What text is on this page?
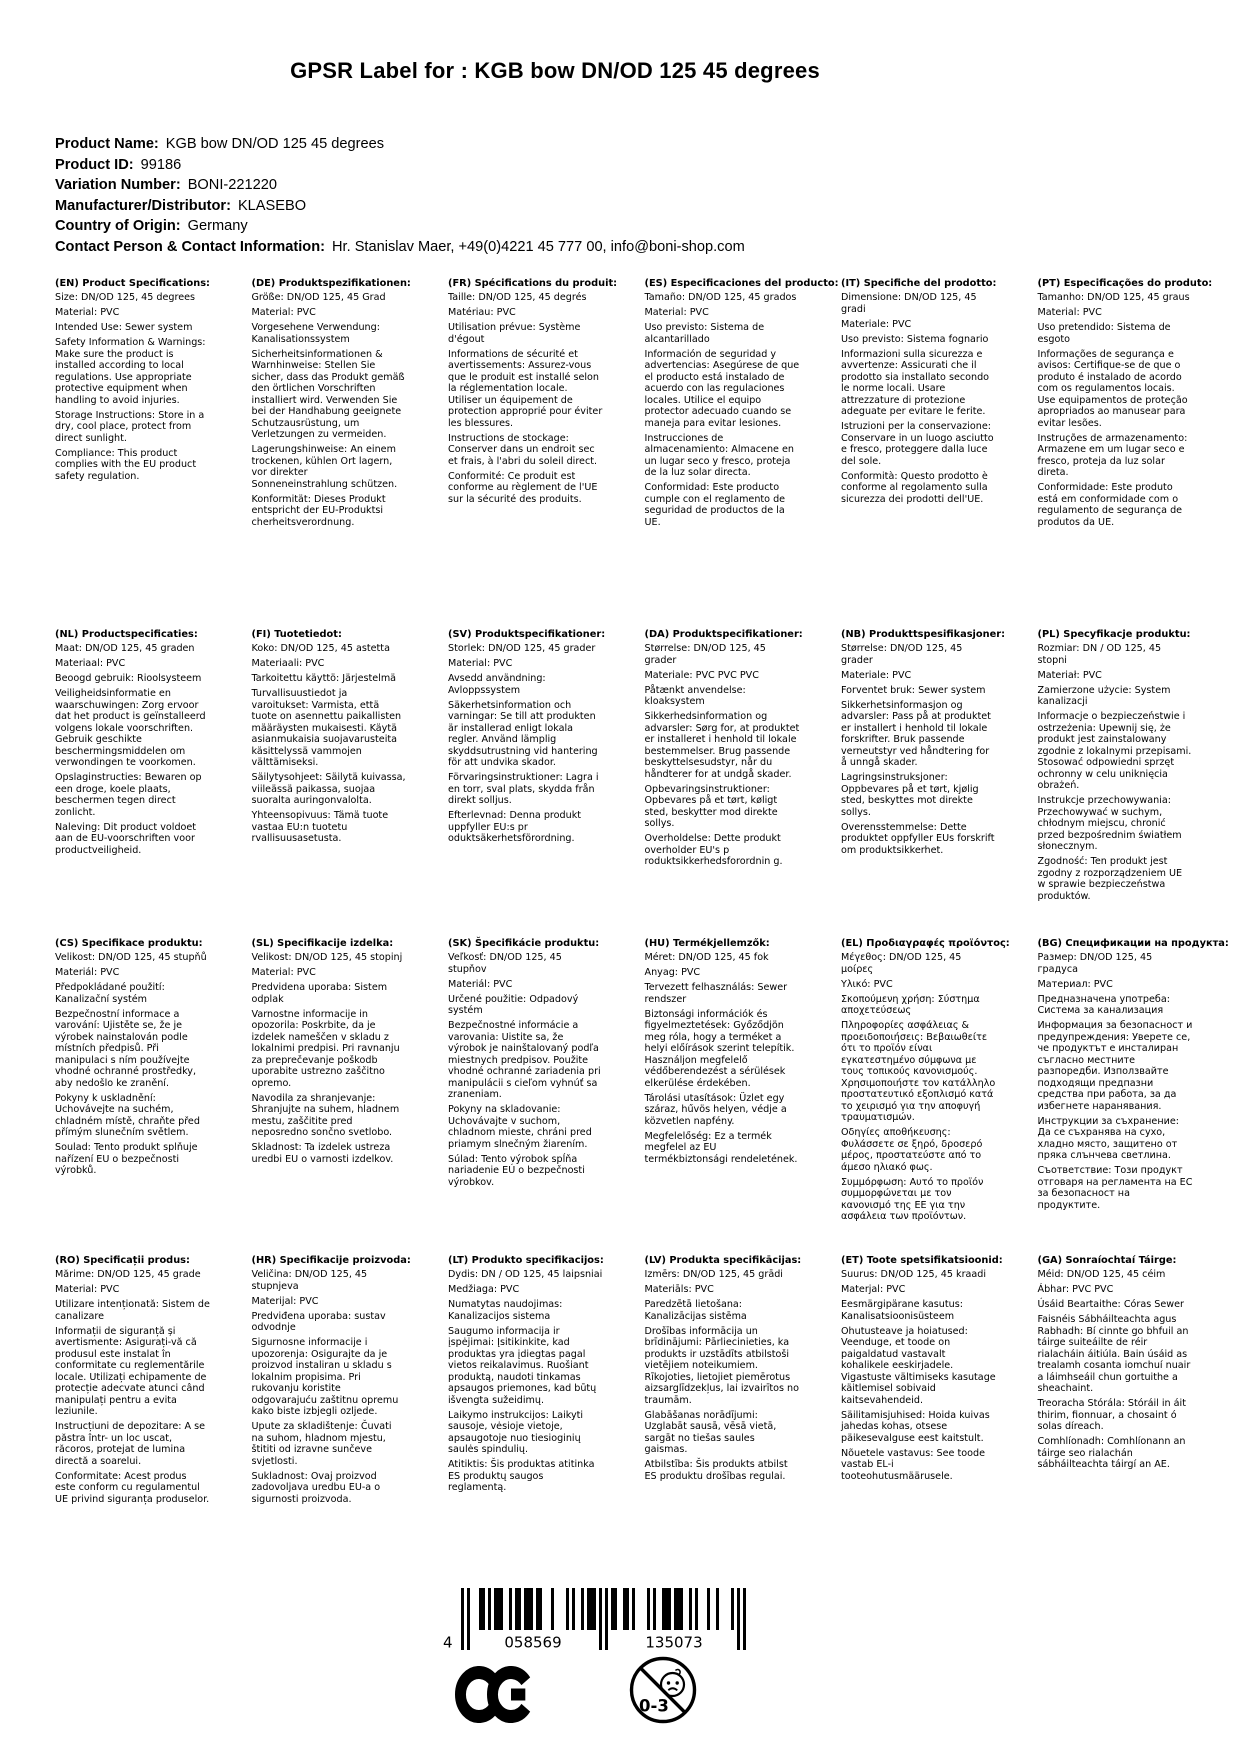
GPSR Label for : KGB bow DN/OD 125 45 degrees
Product Name: KGB bow DN/OD 125 45 degrees
Product ID: 99186
Variation Number: BONI-221220
Manufacturer/Distributor: KLASEBO
Country of Origin: Germany
Contact Person & Contact Information: Hr. Stanislav Maer, +49(0)4221 45 777 00, info@boni-shop.com
(EN) Product Specifications:

Size: DN/OD 125, 45 degrees

Material: PVC

Intended Use: Sewer system

Safety Information & Warnings: Make sure the product is installed according to local regulations. Use appropriate protective equipment when handling to avoid injuries.

Storage Instructions: Store in a dry, cool place, protect from direct sunlight.

Compliance: This product complies with the EU product safety regulation.

(DE) Produktspezifikationen:

Größe: DN/OD 125, 45 Grad

Material: PVC

Vorgesehene Verwendung: Kanalisationssystem

Sicherheitsinformationen & Warnhinweise: Stellen Sie sicher, dass das Produkt gemäß den örtlichen Vorschriften installiert wird. Verwenden Sie bei der Handhabung geeignete Schutzausrüstung, um Verletzungen zu vermeiden.

Lagerungshinweise: An einem trockenen, kühlen Ort lagern, vor direkter Sonneneinstrahlung schützen.

Konformität: Dieses Produkt entspricht der EU-Produktsi cherheitsverordnung.

(FR) Spécifications du produit:

Taille: DN/OD 125, 45 degrés

Matériau: PVC

Utilisation prévue: Système d'égout

Informations de sécurité et avertissements: Assurez-vous que le produit est installé selon la réglementation locale. Utiliser un équipement de protection approprié pour éviter les blessures.

Instructions de stockage: Conserver dans un endroit sec et frais, à l'abri du soleil direct.

Conformité: Ce produit est conforme au règlement de l'UE sur la sécurité des produits.

(ES) Especificaciones del producto:

Tamaño: DN/OD 125, 45 grados

Material: PVC

Uso previsto: Sistema de alcantarillado

Información de seguridad y advertencias: Asegúrese de que el producto está instalado de acuerdo con las regulaciones locales. Utilice el equipo protector adecuado cuando se maneja para evitar lesiones.

Instrucciones de almacenamiento: Almacene en un lugar seco y fresco, proteja de la luz solar directa.

Conformidad: Este producto cumple con el reglamento de seguridad de productos de la UE.

(IT) Specifiche del prodotto:

Dimensione: DN/OD 125, 45 gradi

Materiale: PVC

Uso previsto: Sistema fognario

Informazioni sulla sicurezza e avvertenze: Assicurati che il prodotto sia installato secondo le norme locali. Usare attrezzature di protezione adeguate per evitare le ferite.

Istruzioni per la conservazione: Conservare in un luogo asciutto e fresco, proteggere dalla luce del sole.

Conformità: Questo prodotto è conforme al regolamento sulla sicurezza dei prodotti dell'UE.

(PT) Especificações do produto:

Tamanho: DN/OD 125, 45 graus

Material: PVC

Uso pretendido: Sistema de esgoto

Informações de segurança e avisos: Certifique-se de que o produto é instalado de acordo com os regulamentos locais. Use equipamentos de proteção apropriados ao manusear para evitar lesões.

Instruções de armazenamento: Armazene em um lugar seco e fresco, proteja da luz solar direta.

Conformidade: Este produto está em conformidade com o regulamento de segurança de produtos da UE.

(NL) Productspecificaties:

Maat: DN/OD 125, 45 graden

Materiaal: PVC

Beoogd gebruik: Rioolsysteem

Veiligheidsinformatie en waarschuwingen: Zorg ervoor dat het product is geïnstalleerd volgens lokale voorschriften. Gebruik geschikte beschermingsmiddelen om verwondingen te voorkomen.

Opslaginstructies: Bewaren op een droge, koele plaats, beschermen tegen direct zonlicht.

Naleving: Dit product voldoet aan de EU-voorschriften voor productveiligheid.

(FI) Tuotetiedot:

Koko: DN/OD 125, 45 astetta

Materiaali: PVC

Tarkoitettu käyttö: Järjestelmä

Turvallisuustiedot ja varoitukset: Varmista, että tuote on asennettu paikallisten määräysten mukaisesti. Käytä asianmukaisia suojavarusteita käsittelyssä vammojen välttämiseksi.

Säilytysohjeet: Säilytä kuivassa, viileässä paikassa, suojaa suoralta auringonvalolta.

Yhteensopivuus: Tämä tuote vastaa EU:n tuotetu rvallisuusasetusta.

(SV) Produktspecifikationer:

Storlek: DN/OD 125, 45 grader

Material: PVC

Avsedd användning: Avloppssystem

Säkerhetsinformation och varningar: Se till att produkten är installerad enligt lokala regler. Använd lämplig skyddsutrustning vid hantering för att undvika skador.

Förvaringsinstruktioner: Lagra i en torr, sval plats, skydda från direkt solljus.

Efterlevnad: Denna produkt uppfyller EU:s pr oduktsäkerhetsförordning.

(DA) Produktspecifikationer:

Størrelse: DN/OD 125, 45 grader

Materiale: PVC PVC PVC

Påtænkt anvendelse: kloaksystem

Sikkerhedsinformation og advarsler: Sørg for, at produktet er installeret i henhold til lokale bestemmelser. Brug passende beskyttelsesudstyr, når du håndterer for at undgå skader.

Opbevaringsinstruktioner: Opbevares på et tørt, køligt sted, beskytter mod direkte sollys.

Overholdelse: Dette produkt overholder EU's p roduktsikkerhedsforordnin g.

(NB) Produkttspesifikasjoner:

Størrelse: DN/OD 125, 45 grader

Materiale: PVC

Forventet bruk: Sewer system

Sikkerhetsinformasjon og advarsler: Pass på at produktet er installert i henhold til lokale forskrifter. Bruk passende verneutstyr ved håndtering for å unngå skader.

Lagringsinstruksjoner: Oppbevares på et tørt, kjølig sted, beskyttes mot direkte sollys.

Overensstemmelse: Dette produktet oppfyller EUs forskrift om produktsikkerhet.

(PL) Specyfikacje produktu:

Rozmiar: DN / OD 125, 45 stopni

Materiał: PVC

Zamierzone użycie: System kanalizacji

Informacje o bezpieczeństwie i ostrzeżenia: Upewnij się, że produkt jest zainstalowany zgodnie z lokalnymi przepisami. Stosować odpowiedni sprzęt ochronny w celu uniknięcia obrażeń.

Instrukcje przechowywania: Przechowywać w suchym, chłodnym miejscu, chronić przed bezpośrednim światłem słonecznym.

Zgodność: Ten produkt jest zgodny z rozporządzeniem UE w sprawie bezpieczeństwa produktów.

(CS) Specifikace produktu:

Velikost: DN/OD 125, 45 stupňů

Materiál: PVC

Předpokládané použití: Kanalizační systém

Bezpečnostní informace a varování: Ujistěte se, že je výrobek nainstalován podle místních předpisů. Při manipulaci s ním používejte vhodné ochranné prostředky, aby nedošlo ke zranění.

Pokyny k uskladnění: Uchovávejte na suchém, chladném místě, chraňte před přímým slunečním světlem.

Soulad: Tento produkt splňuje nařízení EU o bezpečnosti výrobků.

(SL) Specifikacije izdelka:

Velikost: DN/OD 125, 45 stopinj

Material: PVC

Predvidena uporaba: Sistem odplak

Varnostne informacije in opozorila: Poskrbite, da je izdelek nameščen v skladu z lokalnimi predpisi. Pri ravnanju za preprečevanje poškodb uporabite ustrezno zaščitno opremo.

Navodila za shranjevanje: Shranjujte na suhem, hladnem mestu, zaščitite pred neposredno sončno svetlobo.

Skladnost: Ta izdelek ustreza uredbi EU o varnosti izdelkov.

(SK) Špecifikácie produktu:

Veľkosť: DN/OD 125, 45 stupňov

Materiál: PVC

Určené použitie: Odpadový systém

Bezpečnostné informácie a varovania: Uistite sa, že výrobok je nainštalovaný podľa miestnych predpisov. Použite vhodné ochranné zariadenia pri manipulácii s cieľom vyhnúť sa zraneniam.

Pokyny na skladovanie: Uchovávajte v suchom, chladnom mieste, chráni pred priamym slnečným žiarením.

Súlad: Tento výrobok spĺňa nariadenie EÚ o bezpečnosti výrobkov.

(HU) Termékjellemzők:

Méret: DN/OD 125, 45 fok

Anyag: PVC

Tervezett felhasználás: Sewer rendszer

Biztonsági információk és figyelmeztetések: Győződjön meg róla, hogy a terméket a helyi előírások szerint telepítik. Használjon megfelelő védőberendezést a sérülések elkerülése érdekében.

Tárolási utasítások: Üzlet egy száraz, hűvös helyen, védje a közvetlen napfény.

Megfelelőség: Ez a termék megfelel az EU termékbiztonsági rendeletének.

(EL) Προδιαγραφές προϊόντος:

Μέγεθος: DN/OD 125, 45 μοίρες

Υλικό: PVC

Σκοπούμενη χρήση: Σύστημα αποχετεύσεως

Πληροφορίες ασφάλειας & προειδοποιήσεις: Βεβαιωθείτε ότι το προϊόν είναι εγκατεστημένο σύμφωνα με τους τοπικούς κανονισμούς. Χρησιμοποιήστε τον κατάλληλο προστατευτικό εξοπλισμό κατά το χειρισμό για την αποφυγή τραυματισμών.

Οδηγίες αποθήκευσης: Φυλάσσετε σε ξηρό, δροσερό μέρος, προστατεύστε από το άμεσο ηλιακό φως.

Συμμόρφωση: Αυτό το προϊόν συμμορφώνεται με τον κανονισμό της ΕΕ για την ασφάλεια των προϊόντων.

(BG) Спецификации на продукта:

Размер: DN/OD 125, 45 градуса

Материал: PVC

Предназначена употреба: Система за канализация

Информация за безопасност и предупреждения: Уверете се, че продуктът е инсталиран съгласно местните разпоредби. Използвайте подходящи предпазни средства при работа, за да избегнете наранявания.

Инструкции за съхранение: Да се съхранява на сухо, хладно място, защитено от пряка слънчева светлина.

Съответствие: Този продукт отговаря на регламента на ЕС за безопасност на продуктите.

(RO) Specificații produs:

Mărime: DN/OD 125, 45 grade

Material: PVC

Utilizare intenționată: Sistem de canalizare

Informații de siguranță și avertismente: Asigurați-vă că produsul este instalat în conformitate cu reglementările locale. Utilizați echipamente de protecție adecvate atunci când manipulați pentru a evita leziunile.

Instrucțiuni de depozitare: A se păstra într- un loc uscat, răcoros, protejat de lumina directă a soarelui.

Conformitate: Acest produs este conform cu regulamentul UE privind siguranța produselor.

(HR) Specifikacije proizvoda:

Veličina: DN/OD 125, 45 stupnjeva

Materijal: PVC

Predviđena uporaba: sustav odvodnje

Sigurnosne informacije i upozorenja: Osigurajte da je proizvod instaliran u skladu s lokalnim propisima. Pri rukovanju koristite odgovarajuću zaštitnu opremu kako biste izbjegli ozljede.

Upute za skladištenje: Čuvati na suhom, hladnom mjestu, štititi od izravne sunčeve svjetlosti.

Sukladnost: Ovaj proizvod zadovoljava uredbu EU-a o sigurnosti proizvoda.

(LT) Produkto specifikacijos:

Dydis: DN / OD 125, 45 laipsniai

Medžiaga: PVC

Numatytas naudojimas: Kanalizacijos sistema

Saugumo informacija ir įspėjimai: Įsitikinkite, kad produktas yra įdiegtas pagal vietos reikalavimus. Ruošiant produktą, naudoti tinkamas apsaugos priemones, kad būtų išvengta sužeidimų.

Laikymo instrukcijos: Laikyti sausoje, vėsioje vietoje, apsaugotoje nuo tiesioginių saulės spindulių.

Atitiktis: Šis produktas atitinka ES produktų saugos reglamentą.

(LV) Produkta specifikācijas:

Izmērs: DN/OD 125, 45 grādi

Materiāls: PVC

Paredzētā lietošana: Kanalizācijas sistēma

Drošības informācija un brīdinājumi: Pārliecinieties, ka produkts ir uzstādīts atbilstoši vietējiem noteikumiem. Rīkojoties, lietojiet piemērotus aizsarglīdzekļus, lai izvairītos no traumām.

Glabāšanas norādījumi: Uzglabāt sausā, vēsā vietā, sargāt no tiešas saules gaismas.

Atbilstība: Šis produkts atbilst ES produktu drošības regulai.

(ET) Toote spetsifikatsioonid:

Suurus: DN/OD 125, 45 kraadi

Materjal: PVC

Eesmärgipärane kasutus: Kanalisatsioonisüsteem

Ohutusteave ja hoiatused: Veenduge, et toode on paigaldatud vastavalt kohalikele eeskirjadele. Vigastuste vältimiseks kasutage käitlemisel sobivaid kaitsevahendeid.

Säilitamisjuhised: Hoida kuivas jahedas kohas, otsese päikesevalguse eest kaitstult.

Nõuetele vastavus: See toode vastab EL-i tooteohutusmäärusele.

(GA) Sonraíochtaí Táirge:

Méid: DN/OD 125, 45 céim

Ábhar: PVC PVC

Úsáid Beartaithe: Córas Sewer

Faisnéis Sábháilteachta agus Rabhadh: Bí cinnte go bhfuil an táirge suiteáilte de réir rialacháin áitiúla. Bain úsáid as trealamh cosanta iomchuí nuair a láimhseáil chun gortuithe a sheachaint.

Treoracha Stórála: Stóráil in áit thirim, fionnuar, a chosaint ó solas díreach.

Comhlíonadh: Comhlíonann an táirge seo rialachán sábháilteachta táirgí an AE.

4	058569	135073
0-3
